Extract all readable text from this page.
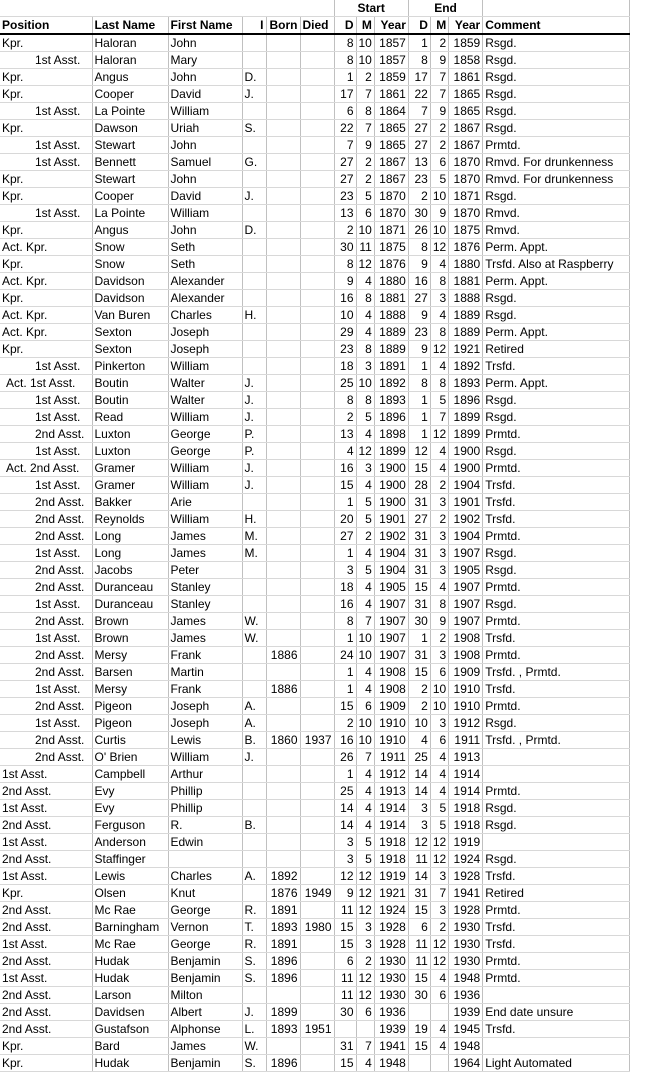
						Start			End			
Position	Last Name	First Name	I	Born	Died	D	M	Year	D	M	Year	Comment
Kpr.	Haloran	John				8	10	1857	1	2	1859	Rsgd.
1st Asst.	Haloran	Mary				8	10	1857	8	9	1858	Rsgd.
Kpr.	Angus	John	D.			1	2	1859	17	7	1861	Rsgd.
Kpr.	Cooper	David	J.			17	7	1861	22	7	1865	Rsgd.
1st Asst.	La Pointe	William				6	8	1864	7	9	1865	Rsgd.
Kpr.	Dawson	Uriah	S.			22	7	1865	27	2	1867	Rsgd.
1st Asst.	Stewart	John				7	9	1865	27	2	1867	Prmtd.
1st Asst.	Bennett	Samuel	G.			27	2	1867	13	6	1870	Rmvd. For drunkenness
Kpr.	Stewart	John				27	2	1867	23	5	1870	Rmvd. For drunkenness
Kpr.	Cooper	David	J.			23	5	1870	2	10	1871	Rsgd.
1st Asst.	La Pointe	William				13	6	1870	30	9	1870	Rmvd.
Kpr.	Angus	John	D.			2	10	1871	26	10	1875	Rmvd.
Act. Kpr.	Snow	Seth				30	11	1875	8	12	1876	Perm. Appt.
Kpr.	Snow	Seth				8	12	1876	9	4	1880	Trsfd. Also at Raspberry
Act. Kpr.	Davidson	Alexander				9	4	1880	16	8	1881	Perm. Appt.
Kpr.	Davidson	Alexander				16	8	1881	27	3	1888	Rsgd.
Act. Kpr.	Van Buren	Charles	H.			10	4	1888	9	4	1889	Rsgd.
Act. Kpr.	Sexton	Joseph				29	4	1889	23	8	1889	Perm. Appt.
Kpr.	Sexton	Joseph				23	8	1889	9	12	1921	Retired
1st Asst.	Pinkerton	William				18	3	1891	1	4	1892	Trsfd.
Act. 1st Asst.	Boutin	Walter	J.			25	10	1892	8	8	1893	Perm. Appt.
1st Asst.	Boutin	Walter	J.			8	8	1893	1	5	1896	Rsgd.
1st Asst.	Read	William	J.			2	5	1896	1	7	1899	Rsgd.
2nd Asst.	Luxton	George	P.			13	4	1898	1	12	1899	Prmtd.
1st Asst.	Luxton	George	P.			4	12	1899	12	4	1900	Rsgd.
Act. 2nd Asst.	Gramer	William	J.			16	3	1900	15	4	1900	Prmtd.
1st Asst.	Gramer	William	J.			15	4	1900	28	2	1904	Trsfd.
2nd Asst.	Bakker	Arie				1	5	1900	31	3	1901	Trsfd.
2nd Asst.	Reynolds	William	H.			20	5	1901	27	2	1902	Trsfd.
2nd Asst.	Long	James	M.			27	2	1902	31	3	1904	Prmtd.
1st Asst.	Long	James	M.			1	4	1904	31	3	1907	Rsgd.
2nd Asst.	Jacobs	Peter				3	5	1904	31	3	1905	Rsgd.
2nd Asst.	Duranceau	Stanley				18	4	1905	15	4	1907	Prmtd.
1st Asst.	Duranceau	Stanley				16	4	1907	31	8	1907	Rsgd.
2nd Asst.	Brown	James	W.			8	7	1907	30	9	1907	Prmtd.
1st Asst.	Brown	James	W.			1	10	1907	1	2	1908	Trsfd.
2nd Asst.	Mersy	Frank		1886		24	10	1907	31	3	1908	Prmtd.
2nd Asst.	Barsen	Martin				1	4	1908	15	6	1909	Trsfd. , Prmtd.
1st Asst.	Mersy	Frank		1886		1	4	1908	2	10	1910	Trsfd.
2nd Asst.	Pigeon	Joseph	A.			15	6	1909	2	10	1910	Prmtd.
1st Asst.	Pigeon	Joseph	A.			2	10	1910	10	3	1912	Rsgd.
2nd Asst.	Curtis	Lewis	B.	1860	1937	16	10	1910	4	6	1911	Trsfd. , Prmtd.
2nd Asst.	O' Brien	William	J.			26	7	1911	25	4	1913	
1st Asst.	Campbell	Arthur				1	4	1912	14	4	1914	
2nd Asst.	Evy	Phillip				25	4	1913	14	4	1914	Prmtd.
1st Asst.	Evy	Phillip				14	4	1914	3	5	1918	Rsgd.
2nd Asst.	Ferguson	R.	B.			14	4	1914	3	5	1918	Rsgd.
1st Asst.	Anderson	Edwin				3	5	1918	12	12	1919	
2nd Asst.	Staffinger					3	5	1918	11	12	1924	Rsgd.
1st Asst.	Lewis	Charles	A.	1892		12	12	1919	14	3	1928	Trsfd.
Kpr.	Olsen	Knut		1876	1949	9	12	1921	31	7	1941	Retired
2nd Asst.	Mc Rae	George	R.	1891		11	12	1924	15	3	1928	Prmtd.
2nd Asst.	Barningham	Vernon	T.	1893	1980	15	3	1928	6	2	1930	Trsfd.
1st Asst.	Mc Rae	George	R.	1891		15	3	1928	11	12	1930	Trsfd.
2nd Asst.	Hudak	Benjamin	S.	1896		6	2	1930	11	12	1930	Prmtd.
1st Asst.	Hudak	Benjamin	S.	1896		11	12	1930	15	4	1948	Prmtd.
2nd Asst.	Larson	Milton				11	12	1930	30	6	1936	
2nd Asst.	Davidsen	Albert	J.	1899		30	6	1936			1939	End date unsure
2nd Asst.	Gustafson	Alphonse	L.	1893	1951			1939	19	4	1945	Trsfd.
Kpr.	Bard	James	W.			31	7	1941	15	4	1948	
Kpr.	Hudak	Benjamin	S.	1896		15	4	1948			1964	Light Automated
